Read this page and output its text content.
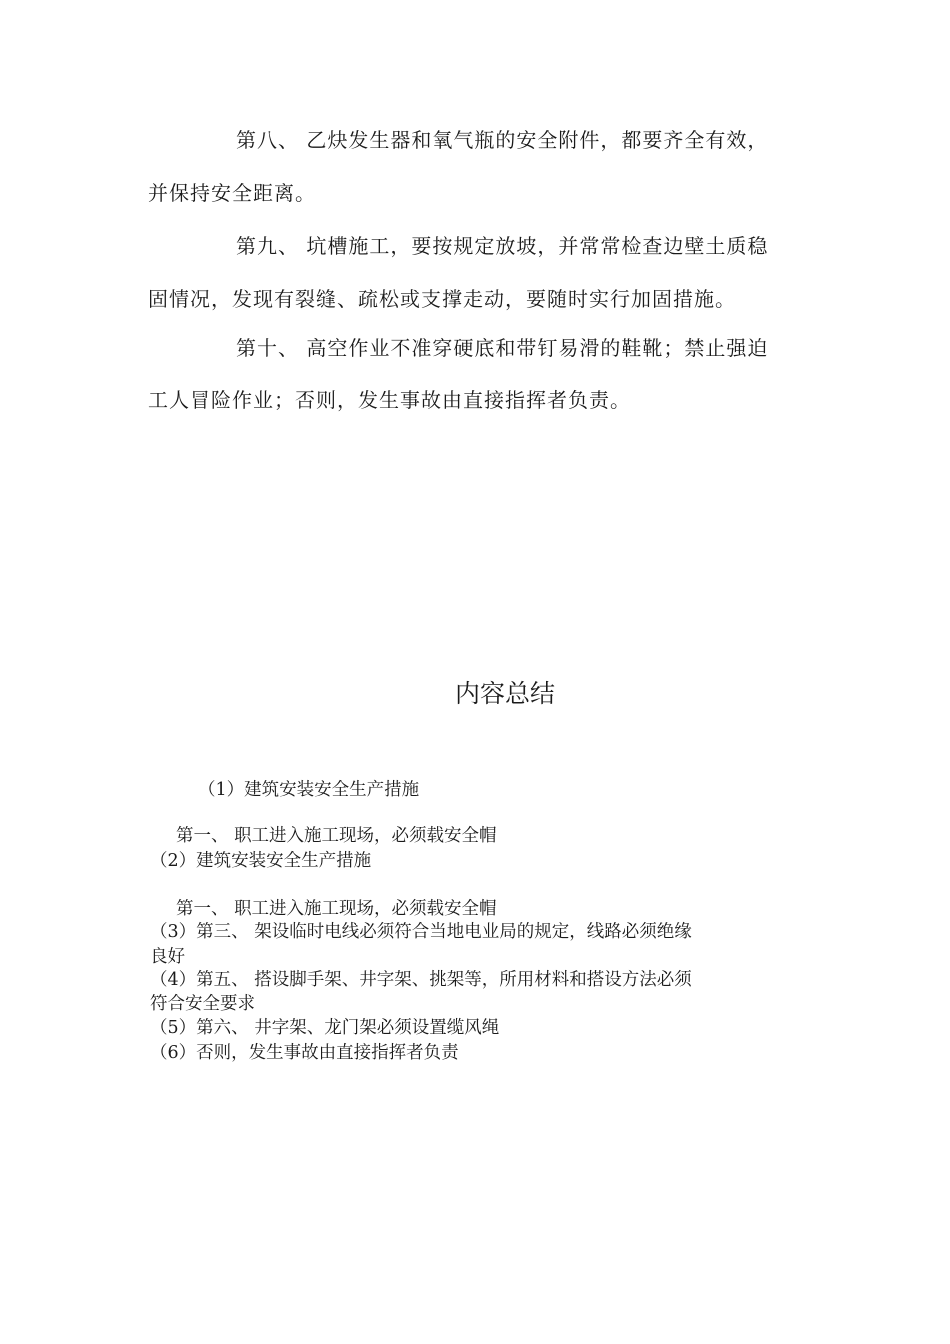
第八、 乙炔发生器和氧气瓶的安全附件，都要齐全有效，
并保持安全距离。
第九、 坑槽施工，要按规定放坡，并常常检查边壁土质稳
固情况，发现有裂缝、疏松或支撑走动，要随时实行加固措施。
第十、 高空作业不准穿硬底和带钉易滑的鞋靴；禁止强迫
工人冒险作业；否则，发生事故由直接指挥者负责。
内容总结
（1）建筑安装安全生产措施
第一、 职工进入施工现场，必须载安全帽
（2）建筑安装安全生产措施
第一、 职工进入施工现场，必须载安全帽
（3）第三、 架设临时电线必须符合当地电业局的规定，线路必须绝缘
良好
（4）第五、 搭设脚手架、井字架、挑架等，所用材料和搭设方法必须
符合安全要求
（5）第六、 井字架、龙门架必须设置缆风绳
（6）否则，发生事故由直接指挥者负责
